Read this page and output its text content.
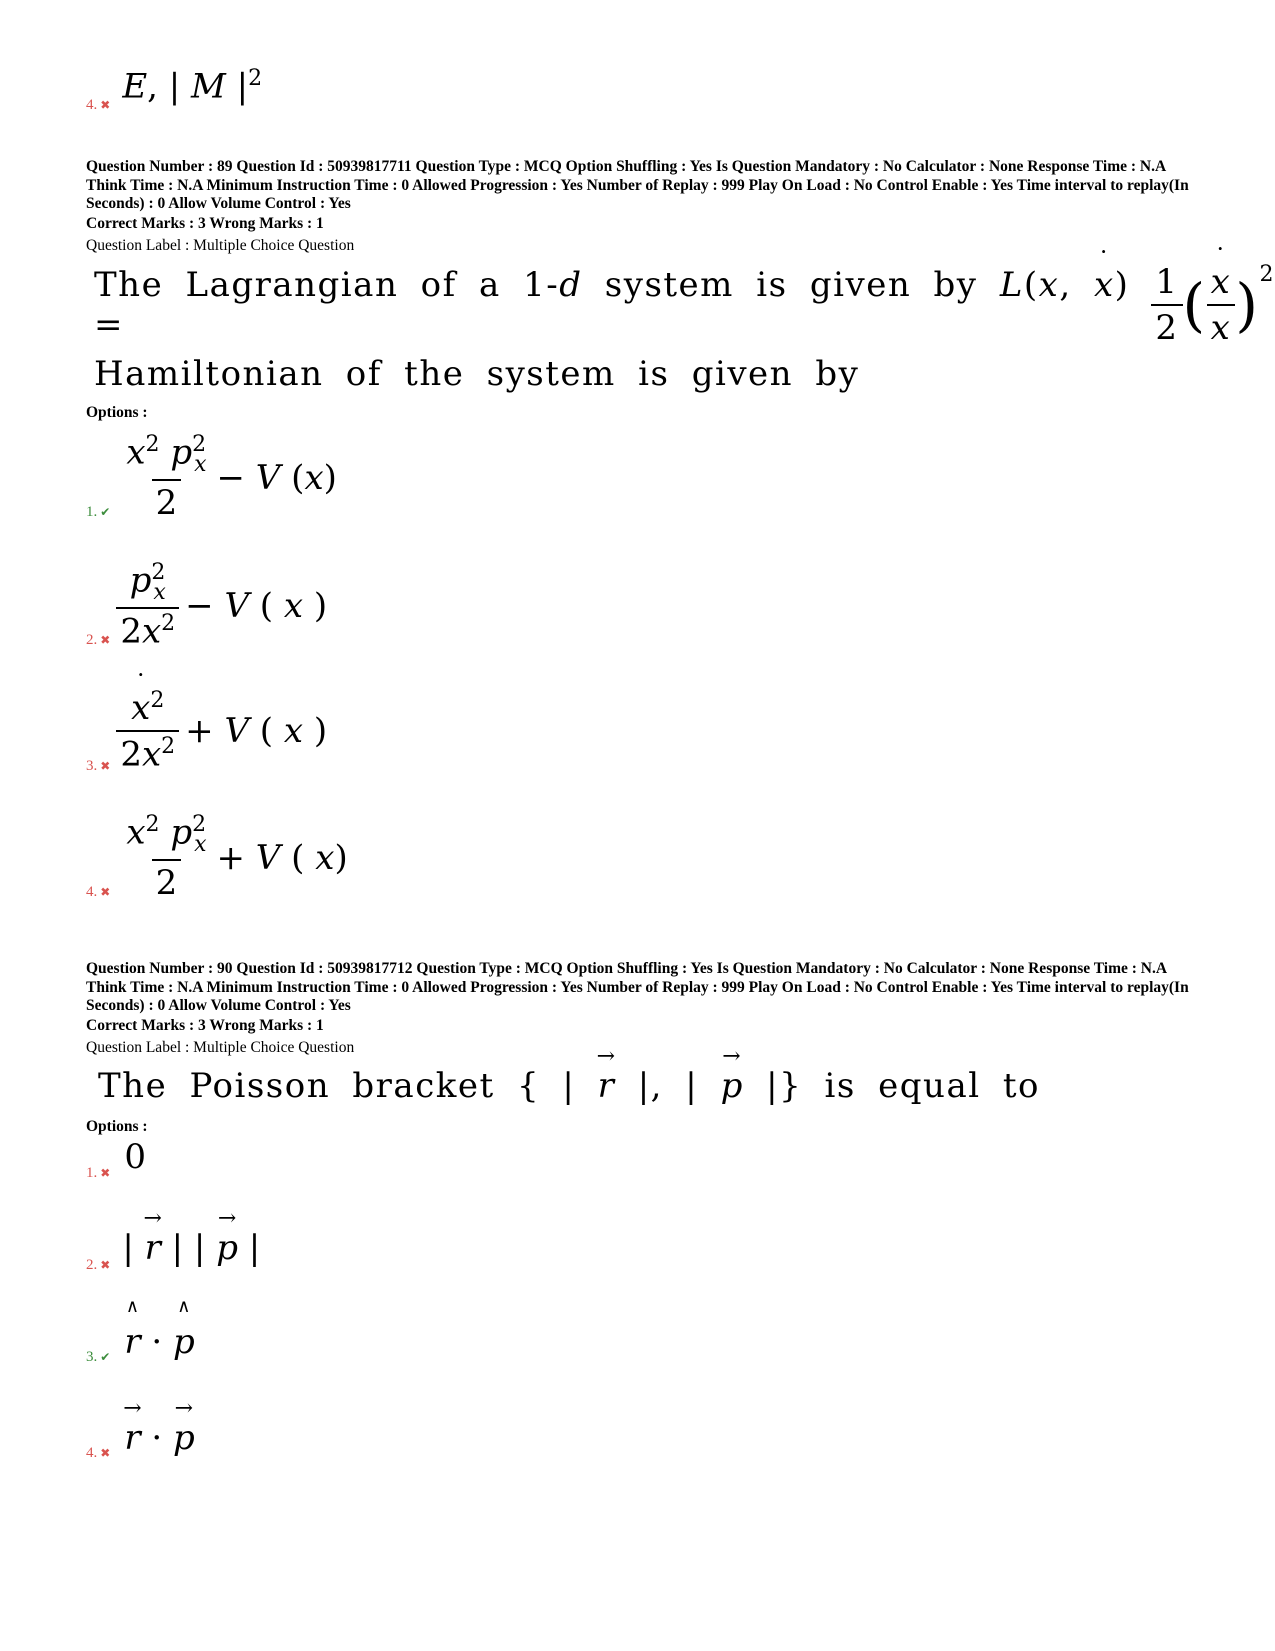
4. ✖ E, | M $|^2$
Question Number : 89 Question Id : 50939817711 Question Type : MCQ Option Shuffling : Yes Is Question Mandatory : No Calculator : None Response Time : N.A Think Time : N.A Minimum Instruction Time : 0 Allowed Progression : Yes Number of Replay : 999 Play On Load : No Control Enable : Yes Time interval to replay(In Seconds) : 0 Allow Volume Control : Yes
Correct Marks : 3 Wrong Marks : 1
Question Label : Multiple Choice Question
The Lagrangian of a 1-d system is given by L(x, ˙ x) =	$\frac{1}{2}$ ( ˙ $\frac{x}{x} )^2$
Hamiltonian of the system is given by
Options :
1. ✔ $\frac{x^2 p^2_x}{2} - V$ (x)
2. ✖ $\frac{p^2_x}{2x^2} - V$ ( x )
3. ✖ ˙ $\frac{x^2}{2x^2} + V$ ( x )
4. ✖ $\frac{x^2 p^2_x}{2} + V$ ( x)
Question Number : 90 Question Id : 50939817712 Question Type : MCQ Option Shuffling : Yes Is Question Mandatory : No Calculator : None Response Time : N.A Think Time : N.A Minimum Instruction Time : 0 Allowed Progression : Yes Number of Replay : 999 Play On Load : No Control Enable : Yes Time interval to replay(In Seconds) : 0 Allow Volume Control : Yes
Correct Marks : 3 Wrong Marks : 1
Question Label : Multiple Choice Question
The Poisson bracket { | → r |, | → p |} is equal to
Options :
1. ✖ 0
2. ✖ | → r | | → p |
3. ✔ ∧ r · ∧ p
4. ✖ → r · → p
